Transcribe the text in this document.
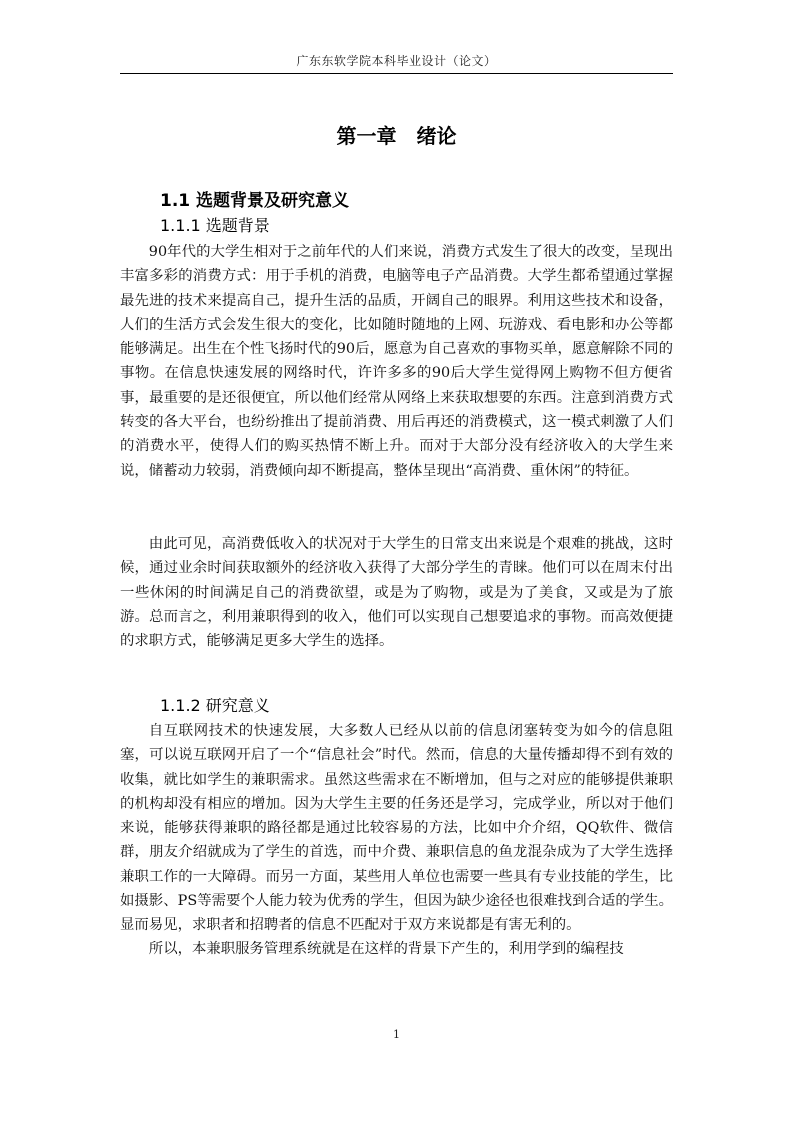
广东东软学院本科毕业设计（论文）
第一章　绪论
1.1 选题背景及研究意义
1.1.1 选题背景

90年代的大学生相对于之前年代的人们来说，消费方式发生了很大的改变，呈现出丰富多彩的消费方式：用于手机的消费，电脑等电子产品消费。大学生都希望通过掌握最先进的技术来提高自己，提升生活的品质，开阔自己的眼界。利用这些技术和设备，人们的生活方式会发生很大的变化，比如随时随地的上网、玩游戏、看电影和办公等都能够满足。出生在个性飞扬时代的90后，愿意为自己喜欢的事物买单，愿意解除不同的事物。在信息快速发展的网络时代，许许多多的90后大学生觉得网上购物不但方便省事，最重要的是还很便宜，所以他们经常从网络上来获取想要的东西。注意到消费方式转变的各大平台，也纷纷推出了提前消费、用后再还的消费模式，这一模式刺激了人们的消费水平，使得人们的购买热情不断上升。而对于大部分没有经济收入的大学生来说，储蓄动力较弱，消费倾向却不断提高，整体呈现出“高消费、重休闲”的特征。

由此可见，高消费低收入的状况对于大学生的日常支出来说是个艰难的挑战，这时候，通过业余时间获取额外的经济收入获得了大部分学生的青睐。他们可以在周末付出一些休闲的时间满足自己的消费欲望，或是为了购物，或是为了美食，又或是为了旅游。总而言之，利用兼职得到的收入，他们可以实现自己想要追求的事物。而高效便捷的求职方式，能够满足更多大学生的选择。

1.1.2 研究意义

自互联网技术的快速发展，大多数人已经从以前的信息闭塞转变为如今的信息阻塞，可以说互联网开启了一个“信息社会”时代。然而，信息的大量传播却得不到有效的收集，就比如学生的兼职需求。虽然这些需求在不断增加，但与之对应的能够提供兼职的机构却没有相应的增加。因为大学生主要的任务还是学习，完成学业，所以对于他们来说，能够获得兼职的路径都是通过比较容易的方法，比如中介介绍，QQ软件、微信群，朋友介绍就成为了学生的首选，而中介费、兼职信息的鱼龙混杂成为了大学生选择兼职工作的一大障碍。而另一方面，某些用人单位也需要一些具有专业技能的学生，比如摄影、PS等需要个人能力较为优秀的学生，但因为缺少途径也很难找到合适的学生。显而易见，求职者和招聘者的信息不匹配对于双方来说都是有害无利的。

所以，本兼职服务管理系统就是在这样的背景下产生的，利用学到的编程技

1
